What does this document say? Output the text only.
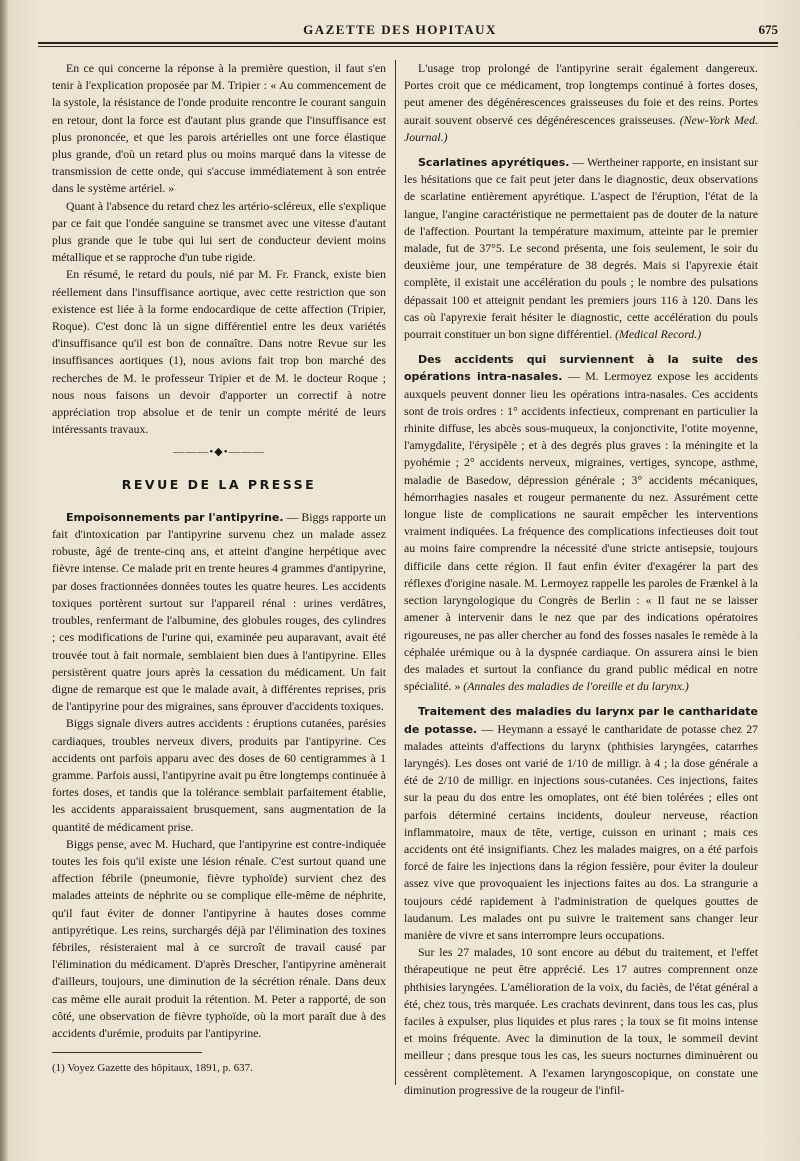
GAZETTE DES HOPITAUX	675

En ce qui concerne la réponse à la première question, il faut s'en tenir à l'explication proposée par M. Tripier : « Au commencement de la systole, la résistance de l'onde produite rencontre le courant sanguin en retour, dont la force est d'autant plus grande que l'insuffisance est plus prononcée, et que les parois artérielles ont une force élastique plus grande, d'où un retard plus ou moins marqué dans la vitesse de transmission de cette onde, qui s'accuse immédiatement à son entrée dans le système artériel. »

Quant à l'absence du retard chez les artério-scléreux, elle s'explique par ce fait que l'ondée sanguine se transmet avec une vitesse d'autant plus grande que le tube qui lui sert de conducteur devient moins métallique et se rapproche d'un tube rigide.

En résumé, le retard du pouls, nié par M. Fr. Franck, existe bien réellement dans l'insuffisance aortique, avec cette restriction que son existence est liée à la forme endocardique de cette affection (Tripier, Roque). C'est donc là un signe différentiel entre les deux variétés d'insuffisance qu'il est bon de connaître. Dans notre Revue sur les insuffisances aortiques (1), nous avions fait trop bon marché des recherches de M. le professeur Tripier et de M. le docteur Roque ; nous nous faisons un devoir d'apporter un correctif à notre appréciation trop absolue et de tenir un compte mérité de leurs intéressants travaux.

———•◆•———
REVUE DE LA PRESSE

Empoisonnements par l'antipyrine. — Biggs rapporte un fait d'intoxication par l'antipyrine survenu chez un malade assez robuste, âgé de trente-cinq ans, et atteint d'angine herpétique avec fièvre intense. Ce malade prit en trente heures 4 grammes d'antipyrine, par doses fractionnées données toutes les quatre heures. Les accidents toxiques portèrent surtout sur l'appareil rénal : urines verdâtres, troubles, renfermant de l'albumine, des globules rouges, des cylindres ; ces modifications de l'urine qui, examinée peu auparavant, avait été trouvée tout à fait normale, semblaient bien dues à l'antipyrine. Elles persistèrent quatre jours après la cessation du médicament. Un fait digne de remarque est que le malade avait, à différentes reprises, pris de l'antipyrine pour des migraines, sans éprouver d'accidents toxiques.

Biggs signale divers autres accidents : éruptions cutanées, parésies cardiaques, troubles nerveux divers, produits par l'antipyrine. Ces accidents ont parfois apparu avec des doses de 60 centigrammes à 1 gramme. Parfois aussi, l'antipyrine avait pu être longtemps continuée à fortes doses, et tandis que la tolérance semblait parfaitement établie, les accidents apparaissaient brusquement, sans augmentation de la quantité de médicament prise.

Biggs pense, avec M. Huchard, que l'antipyrine est contre-indiquée toutes les fois qu'il existe une lésion rénale. C'est surtout quand une affection fébrile (pneumonie, fièvre typhoïde) survient chez des malades atteints de néphrite ou se complique elle-même de néphrite, qu'il faut éviter de donner l'antipyrine à hautes doses comme antipyrétique. Les reins, surchargés déjà par l'élimination des toxines fébriles, résisteraient mal à ce surcroît de travail causé par l'élimination du médicament. D'après Drescher, l'antipyrine amènerait d'ailleurs, toujours, une diminution de la sécrétion rénale. Dans deux cas même elle aurait produit la rétention. M. Peter a rapporté, de son côté, une observation de fièvre typhoïde, où la mort paraît due à des accidents d'urémie, produits par l'antipyrine.

(1) Voyez Gazette des hôpitaux, 1891, p. 637.

L'usage trop prolongé de l'antipyrine serait également dangereux. Portes croit que ce médicament, trop longtemps continué à fortes doses, peut amener des dégénérescences graisseuses du foie et des reins. Portes aurait souvent observé ces dégénérescences graisseuses. (New-York Med. Journal.)

Scarlatines apyrétiques. — Wertheiner rapporte, en insistant sur les hésitations que ce fait peut jeter dans le diagnostic, deux observations de scarlatine entièrement apyrétique. L'aspect de l'éruption, l'état de la langue, l'angine caractéristique ne permettaient pas de douter de la nature de l'affection. Pourtant la température maximum, atteinte par le premier malade, fut de 37°5. Le second présenta, une fois seulement, le soir du deuxième jour, une température de 38 degrés. Mais si l'apyrexie était complète, il existait une accélération du pouls ; le nombre des pulsations dépassait 100 et atteignit pendant les premiers jours 116 à 120. Dans les cas où l'apyrexie ferait hésiter le diagnostic, cette accélération du pouls pourrait constituer un bon signe différentiel. (Medical Record.)

Des accidents qui surviennent à la suite des opérations intra-nasales. — M. Lermoyez expose les accidents auxquels peuvent donner lieu les opérations intra-nasales. Ces accidents sont de trois ordres : 1° accidents infectieux, comprenant en particulier la rhinite diffuse, les abcès sous-muqueux, la conjonctivite, l'otite moyenne, l'amygdalite, l'érysipèle ; et à des degrés plus graves : la méningite et la pyohémie ; 2° accidents nerveux, migraines, vertiges, syncope, asthme, maladie de Basedow, dépression générale ; 3° accidents mécaniques, hémorrhagies nasales et rougeur permanente du nez. Assurément cette longue liste de complications ne saurait empêcher les interventions vraiment indiquées. La fréquence des complications infectieuses doit tout au moins faire comprendre la nécessité d'une stricte antisepsie, toujours difficile dans cette région. Il faut enfin éviter d'exagérer la part des réflexes d'origine nasale. M. Lermoyez rappelle les paroles de Frænkel à la section laryngologique du Congrès de Berlin : « Il faut ne se laisser amener à intervenir dans le nez que par des indications opératoires rigoureuses, ne pas aller chercher au fond des fosses nasales le remède à la céphalée urémique ou à la dyspnée cardiaque. On assurera ainsi le bien des malades et surtout la confiance du grand public médical en notre spécialité. » (Annales des maladies de l'oreille et du larynx.)

Traitement des maladies du larynx par le cantharidate de potasse. — Heymann a essayé le cantharidate de potasse chez 27 malades atteints d'affections du larynx (phthisies laryngées, catarrhes laryngés). Les doses ont varié de 1/10 de milligr. à 4 ; la dose générale a été de 2/10 de milligr. en injections sous-cutanées. Ces injections, faites sur la peau du dos entre les omoplates, ont été bien tolérées ; elles ont parfois déterminé certains incidents, douleur nerveuse, réaction inflammatoire, maux de tête, vertige, cuisson en urinant ; mais ces accidents ont été insignifiants. Chez les malades maigres, on a été parfois forcé de faire les injections dans la région fessière, pour éviter la douleur assez vive que provoquaient les injections faites au dos. La strangurie a toujours cédé rapidement à l'administration de quelques gouttes de laudanum. Les malades ont pu suivre le traitement sans changer leur manière de vivre et sans interrompre leurs occupations.

Sur les 27 malades, 10 sont encore au début du traitement, et l'effet thérapeutique ne peut être apprécié. Les 17 autres comprennent onze phthisies laryngées. L'amélioration de la voix, du faciès, de l'état général a été, chez tous, très marquée. Les crachats devinrent, dans tous les cas, plus faciles à expulser, plus liquides et plus rares ; la toux se fit moins intense et moins fréquente. Avec la diminution de la toux, le sommeil devint meilleur ; dans presque tous les cas, les sueurs nocturnes diminuèrent ou cessèrent complètement. A l'examen laryngoscopique, on constate une diminution progressive de la rougeur de l'infil-
